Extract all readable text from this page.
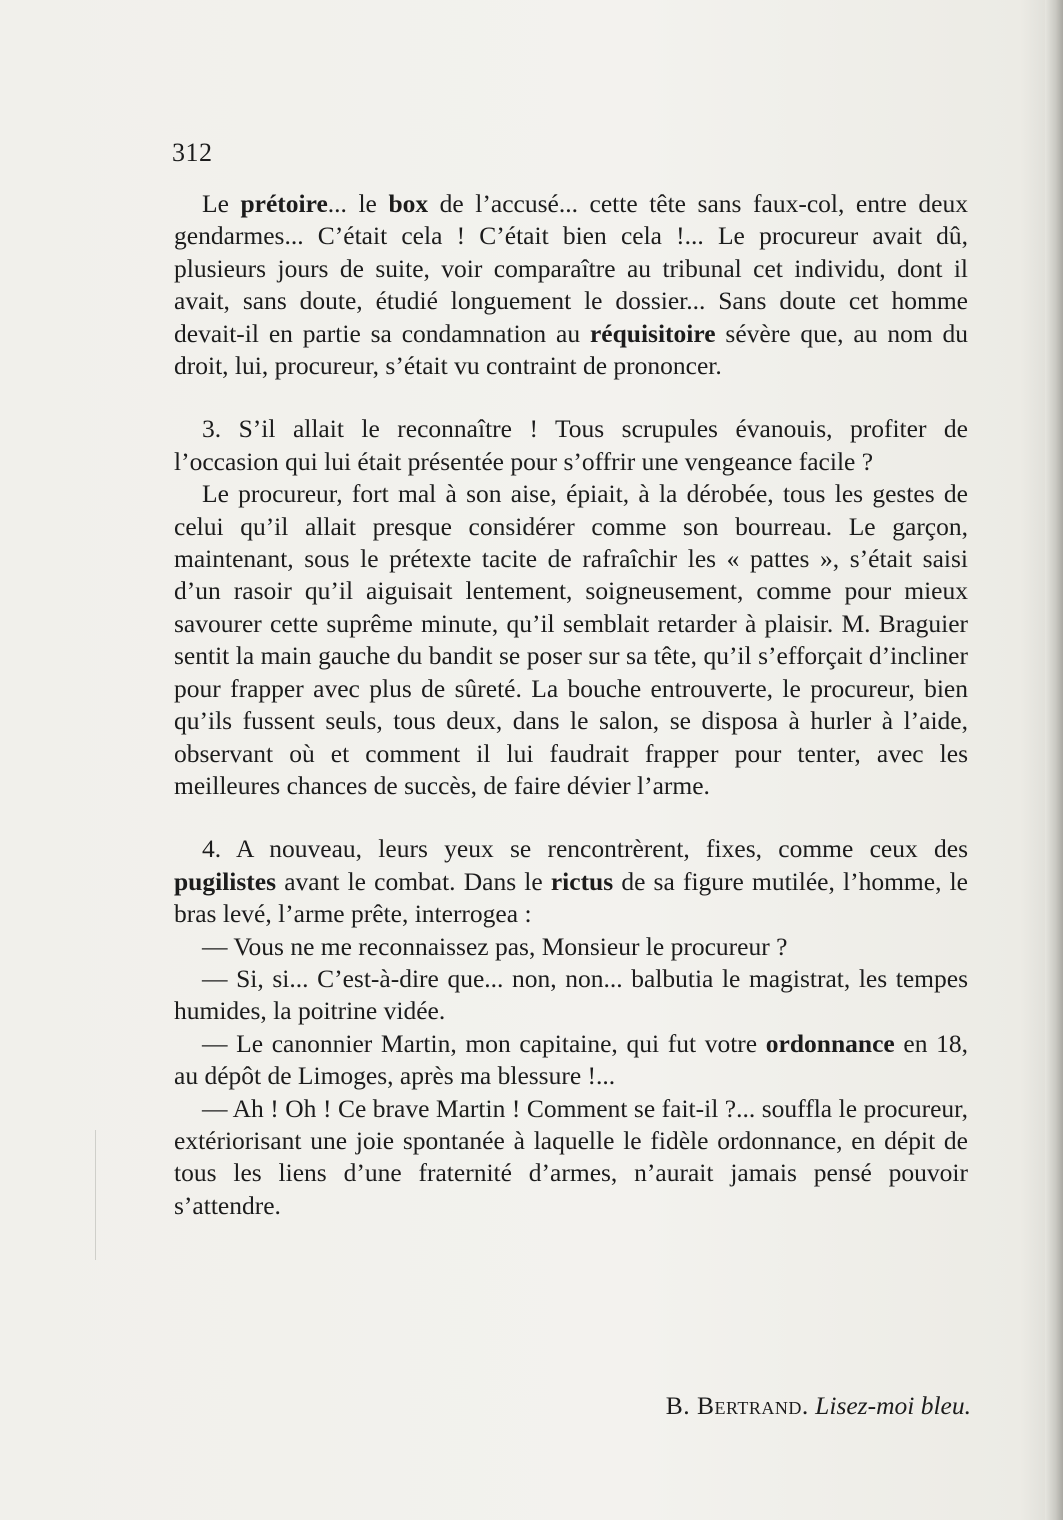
312

Le prétoire... le box de l’accusé... cette tête sans faux-col, entre deux gendarmes... C’était cela ! C’était bien cela !... Le procureur avait dû, plusieurs jours de suite, voir comparaître au tribunal cet individu, dont il avait, sans doute, étudié longuement le dossier... Sans doute cet homme devait-il en partie sa condamnation au réquisitoire sévère que, au nom du droit, lui, procureur, s’était vu contraint de prononcer.

3. S’il allait le reconnaître ! Tous scrupules évanouis, profiter de l’occasion qui lui était présentée pour s’offrir une vengeance facile ?

Le procureur, fort mal à son aise, épiait, à la dérobée, tous les gestes de celui qu’il allait presque considérer comme son bourreau. Le garçon, maintenant, sous le prétexte tacite de rafraîchir les « pattes », s’était saisi d’un rasoir qu’il aiguisait lentement, soigneusement, comme pour mieux savourer cette suprême minute, qu’il semblait retarder à plaisir. M. Braguier sentit la main gauche du bandit se poser sur sa tête, qu’il s’efforçait d’incliner pour frapper avec plus de sûreté. La bouche entrouverte, le procureur, bien qu’ils fussent seuls, tous deux, dans le salon, se disposa à hurler à l’aide, observant où et comment il lui faudrait frapper pour tenter, avec les meilleures chances de succès, de faire dévier l’arme.

4. A nouveau, leurs yeux se rencontrèrent, fixes, comme ceux des pugilistes avant le combat. Dans le rictus de sa figure mutilée, l’homme, le bras levé, l’arme prête, interrogea :

— Vous ne me reconnaissez pas, Monsieur le procureur ?

— Si, si... C’est-à-dire que... non, non... balbutia le magistrat, les tempes humides, la poitrine vidée.

— Le canonnier Martin, mon capitaine, qui fut votre ordonnance en 18, au dépôt de Limoges, après ma blessure !...

— Ah ! Oh ! Ce brave Martin ! Comment se fait-il ?... souffla le procureur, extériorisant une joie spontanée à laquelle le fidèle ordonnance, en dépit de tous les liens d’une fraternité d’armes, n’aurait jamais pensé pouvoir s’attendre.

B. Bertrand. Lisez-moi bleu.
